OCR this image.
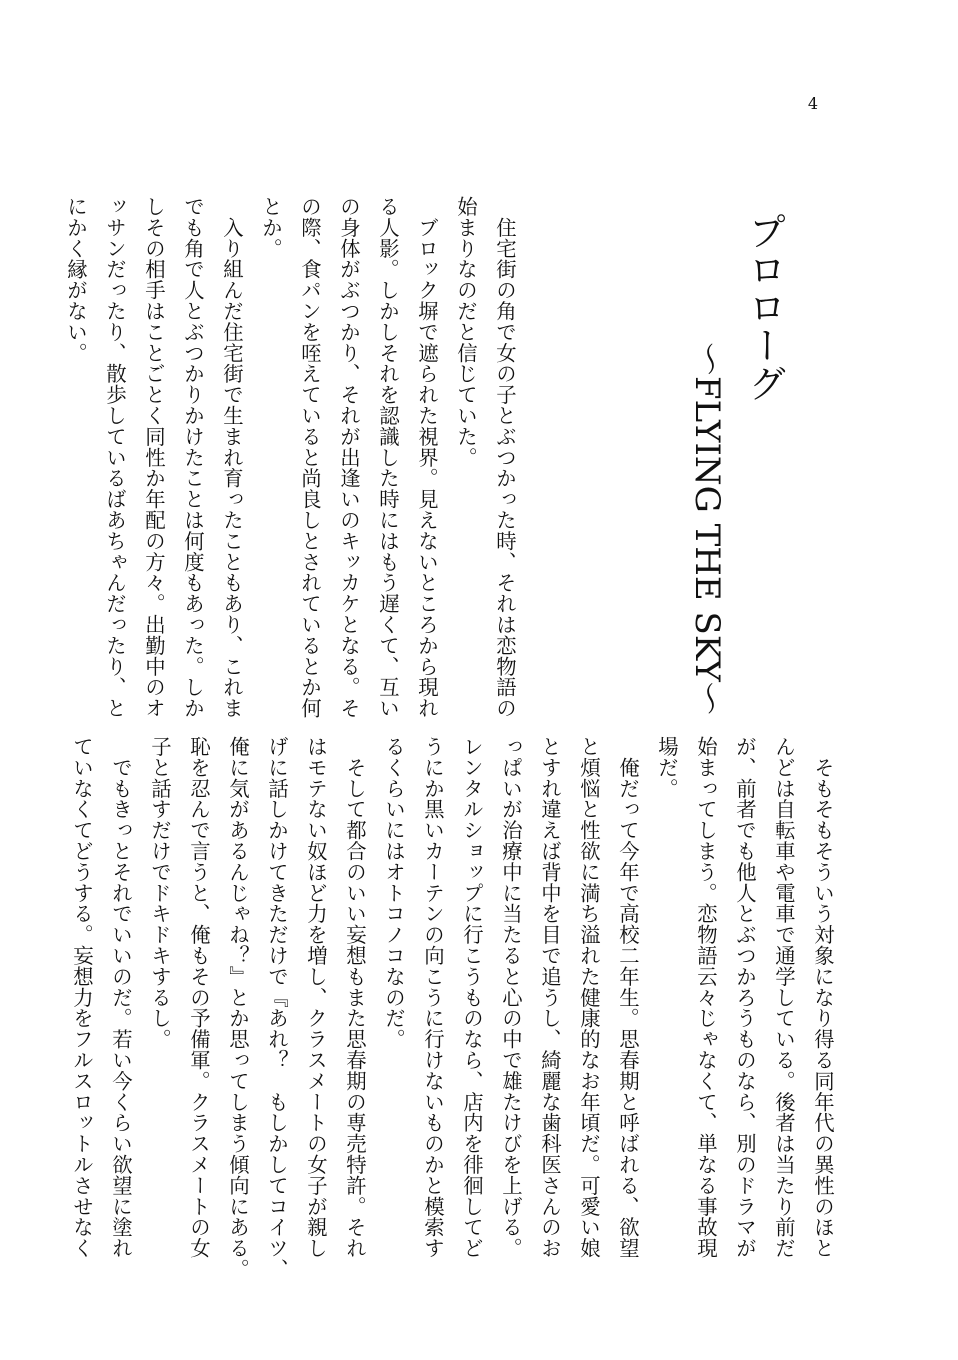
4
プロローグ
～FLYING THE SKY～
　住宅街の角で女の子とぶつかった時、それは恋物語の
始まりなのだと信じていた。
　ブロック塀で遮られた視界。見えないところから現れ
る人影。しかしそれを認識した時にはもう遅くて、互い
の身体がぶつかり、それが出逢いのキッカケとなる。そ
の際、食パンを咥えていると尚良しとされているとか何
とか。
　入り組んだ住宅街で生まれ育ったこともあり、これま
でも角で人とぶつかりかけたことは何度もあった。しか
しその相手はことごとく同性か年配の方々。出勤中のオ
ッサンだったり、散歩しているばあちゃんだったり、と
にかく縁がない。
　そもそもそういう対象になり得る同年代の異性のほと
んどは自転車や電車で通学している。後者は当たり前だ
が、前者でも他人とぶつかろうものなら、別のドラマが
始まってしまう。恋物語云々じゃなくて、単なる事故現
場だ。
　俺だって今年で高校二年生。思春期と呼ばれる、欲望
と煩悩と性欲に満ち溢れた健康的なお年頃だ。可愛い娘
とすれ違えば背中を目で追うし、綺麗な歯科医さんのお
っぱいが治療中に当たると心の中で雄たけびを上げる。
レンタルショップに行こうものなら、店内を徘徊してど
うにか黒いカーテンの向こうに行けないものかと模索す
るくらいにはオトコノコなのだ。
　そして都合のいい妄想もまた思春期の専売特許。それ
はモテない奴ほど力を増し、クラスメートの女子が親し
げに話しかけてきただけで『あれ？　もしかしてコイツ、
俺に気があるんじゃね？』とか思ってしまう傾向にある。
恥を忍んで言うと、俺もその予備軍。クラスメートの女
子と話すだけでドキドキするし。
　でもきっとそれでいいのだ。若い今くらい欲望に塗れ
ていなくてどうする。妄想力をフルスロットルさせなく
